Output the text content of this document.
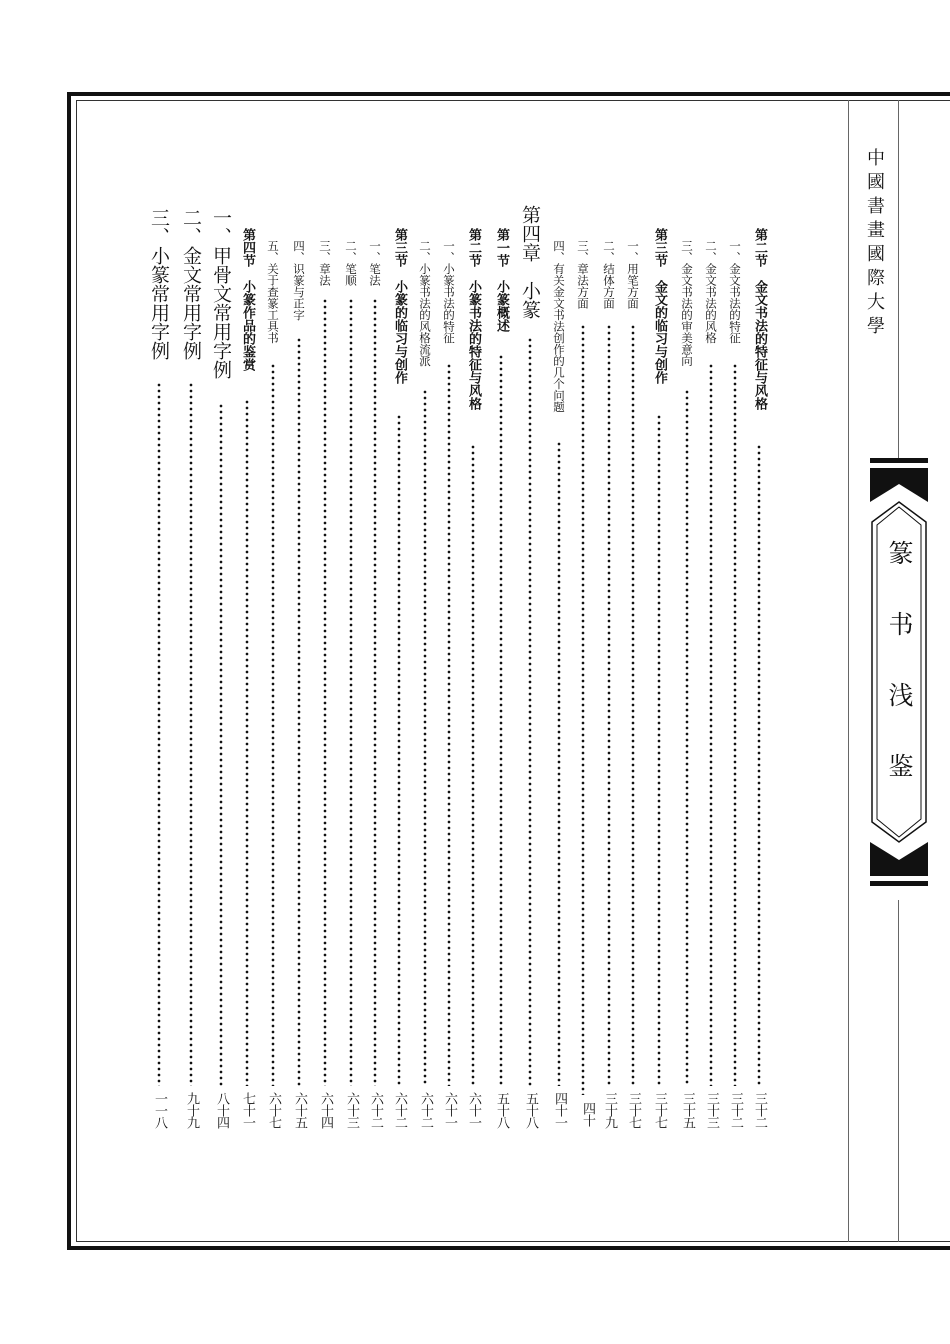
第二节　金文书法的特征与风格
三十二
一、金文书法的特征
三十二
二、金文书法的风格
三十三
三、金文书法的审美意向
三十五
第三节　金文的临习与创作
三十七
一、用笔方面
三十七
二、结体方面
三十九
三、章法方面
四十
四、有关金文书法创作的几个问题
四十一
第四章　小篆
五十八
第一节　小篆概述
五十八
第二节　小篆书法的特征与风格
六十一
一、小篆书法的特征
六十一
二、小篆书法的风格流派
六十二
第三节　小篆的临习与创作
六十二
一、笔法
六十二
二、笔顺
六十三
三、章法
六十四
四、识篆与正字
六十五
五、关于查篆工具书
六十七
第四节　小篆作品的鉴赏
七十一
一、甲骨文常用字例
八十四
二、金文常用字例
九十九
三、小篆常用字例
一一八
中國書畫國際大學
篆书浅鉴
